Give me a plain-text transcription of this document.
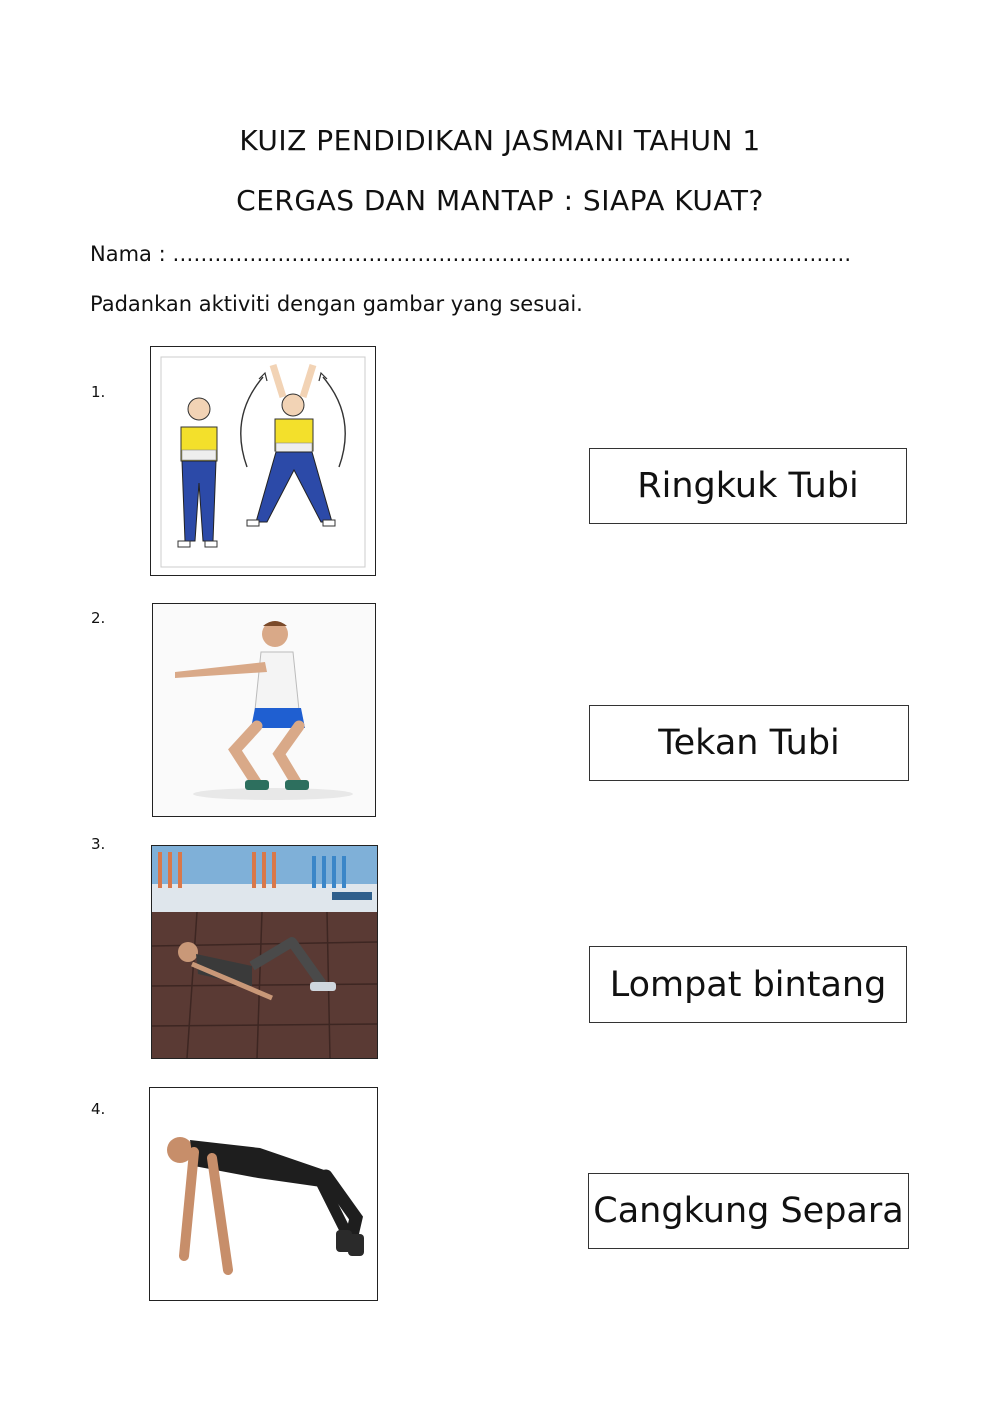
KUIZ PENDIDIKAN JASMANI TAHUN 1
CERGAS DAN MANTAP : SIAPA KUAT?
Nama : …………………………………………………………………………………….
Padankan aktiviti dengan gambar yang sesuai.
1.
2.
3.
4.
Ringkuk Tubi
Tekan Tubi
Lompat bintang
Cangkung Separa
